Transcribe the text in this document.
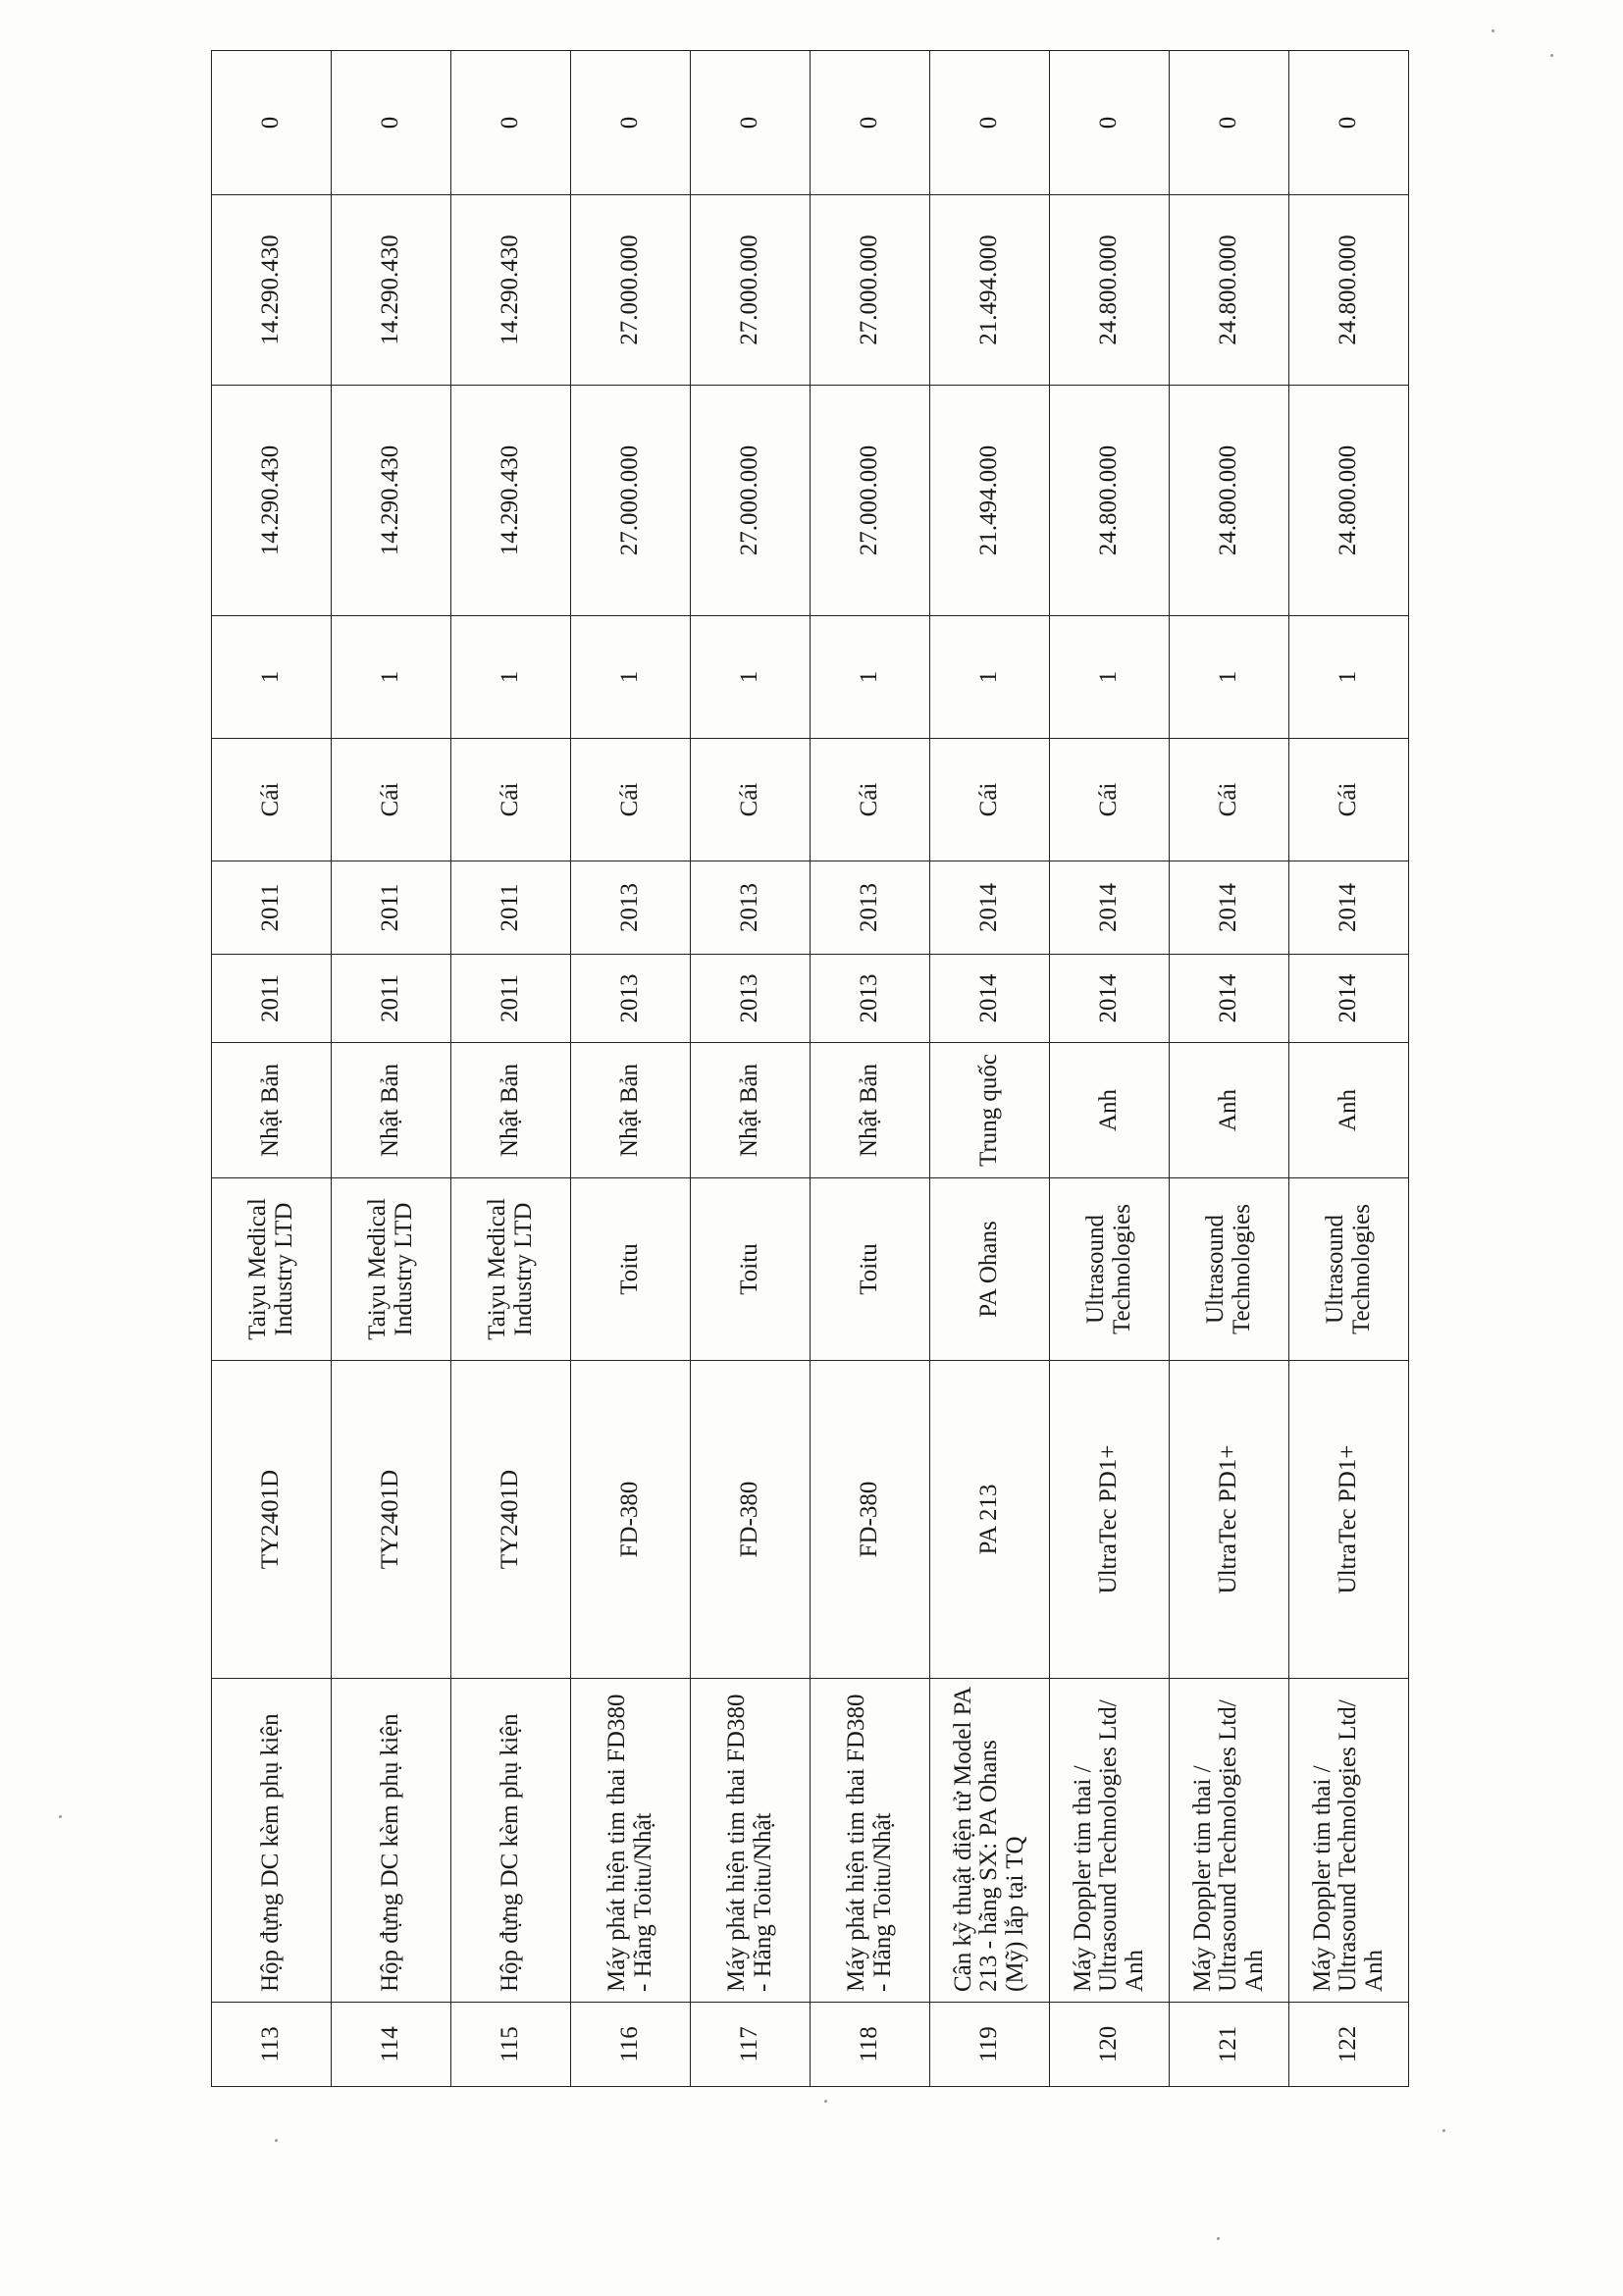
113	Hộp đựng DC kèm phụ kiện	TY2401D	Taiyu Medical Industry LTD	Nhật Bản	2011	2011	Cái	1	14.290.430	14.290.430	0
114	Hộp đựng DC kèm phụ kiện	TY2401D	Taiyu Medical Industry LTD	Nhật Bản	2011	2011	Cái	1	14.290.430	14.290.430	0
115	Hộp đựng DC kèm phụ kiện	TY2401D	Taiyu Medical Industry LTD	Nhật Bản	2011	2011	Cái	1	14.290.430	14.290.430	0
116	Máy phát hiện tim thai FD380 - Hãng Toitu/Nhật	FD-380	Toitu	Nhật Bản	2013	2013	Cái	1	27.000.000	27.000.000	0
117	Máy phát hiện tim thai FD380 - Hãng Toitu/Nhật	FD-380	Toitu	Nhật Bản	2013	2013	Cái	1	27.000.000	27.000.000	0
118	Máy phát hiện tim thai FD380 - Hãng Toitu/Nhật	FD-380	Toitu	Nhật Bản	2013	2013	Cái	1	27.000.000	27.000.000	0
119	Cân kỹ thuật điện tử Model PA 213 - hãng SX: PA Ohans (Mỹ) lắp tại TQ	PA 213	PA Ohans	Trung quốc	2014	2014	Cái	1	21.494.000	21.494.000	0
120	Máy Doppler tim thai / Ultrasound Technologies Ltd/ Anh	UltraTec PD1+	Ultrasound Technologies	Anh	2014	2014	Cái	1	24.800.000	24.800.000	0
121	Máy Doppler tim thai / Ultrasound Technologies Ltd/ Anh	UltraTec PD1+	Ultrasound Technologies	Anh	2014	2014	Cái	1	24.800.000	24.800.000	0
122	Máy Doppler tim thai / Ultrasound Technologies Ltd/ Anh	UltraTec PD1+	Ultrasound Technologies	Anh	2014	2014	Cái	1	24.800.000	24.800.000	0
